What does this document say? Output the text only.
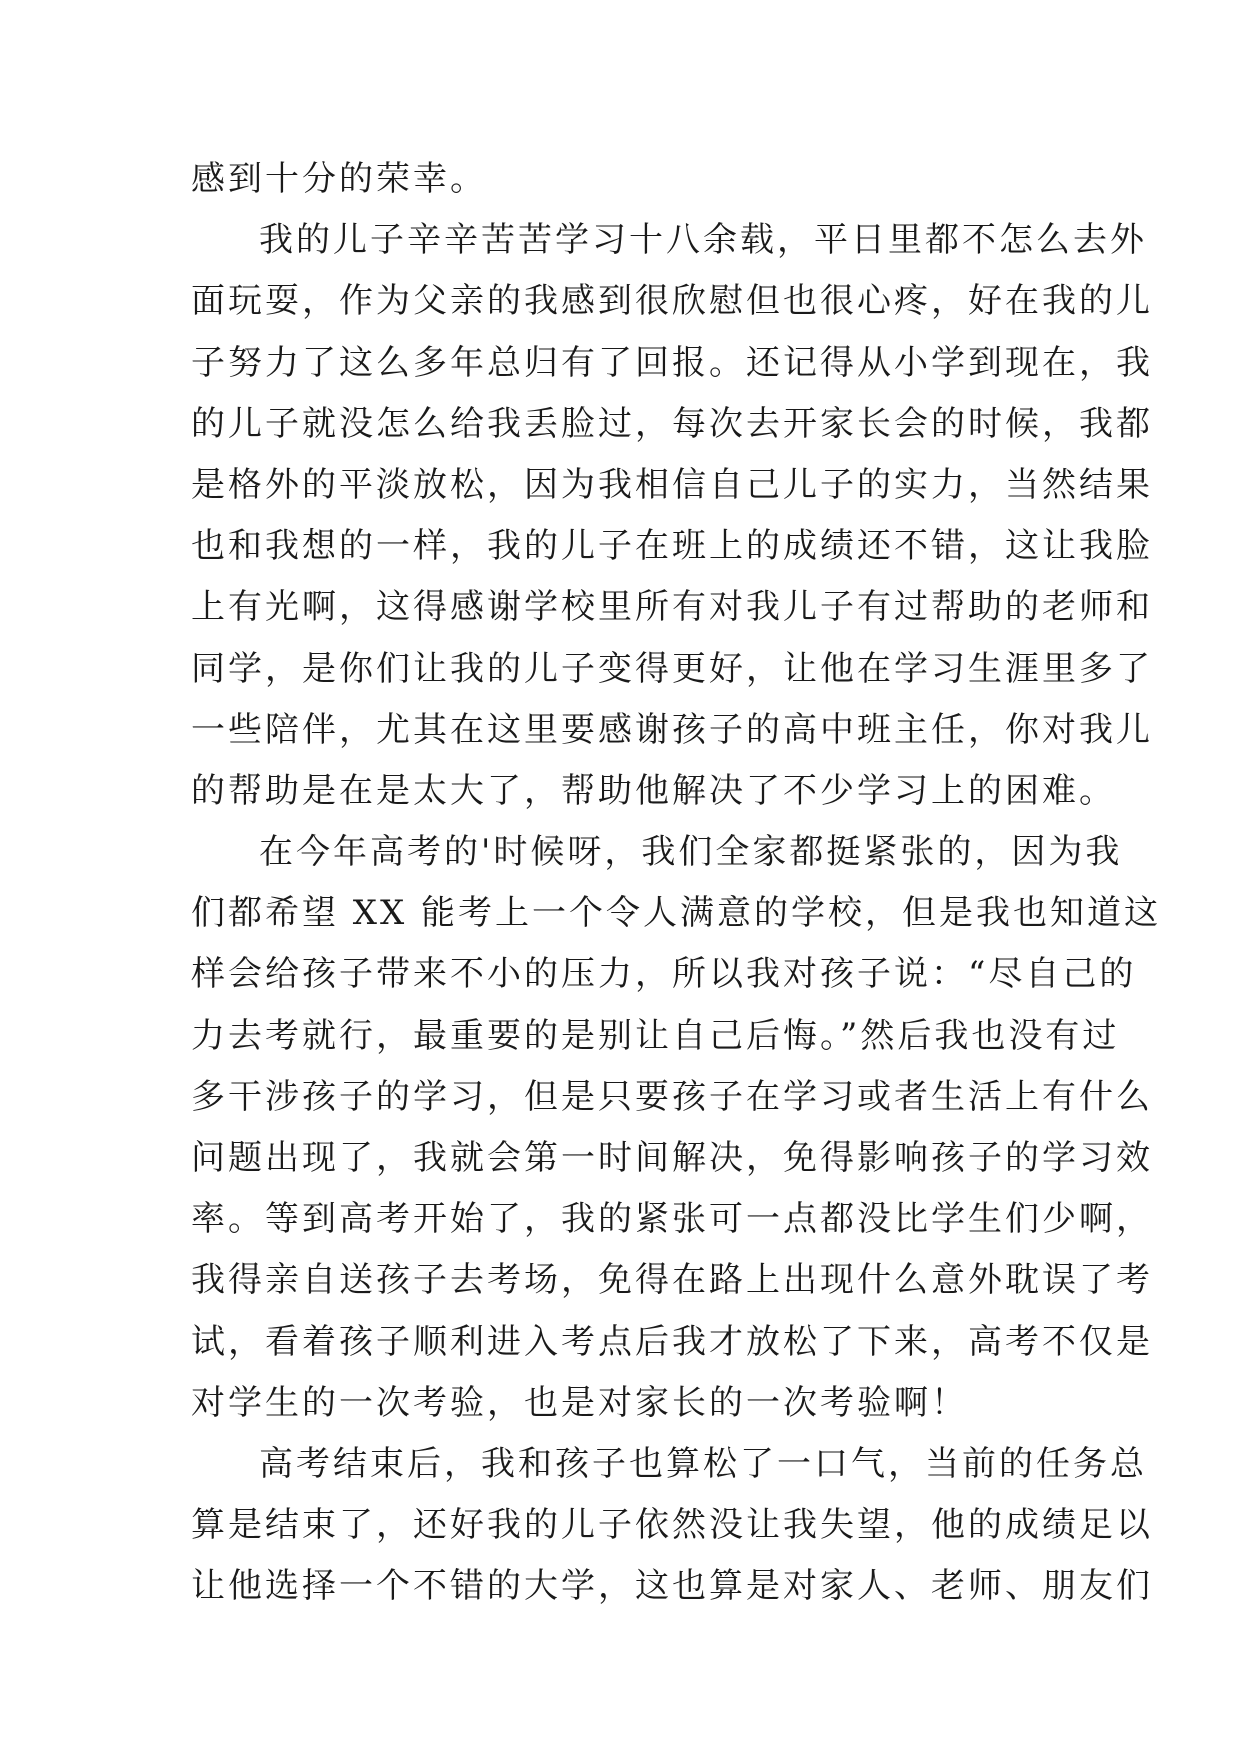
感到十分的荣幸。
我的儿子辛辛苦苦学习十八余载，平日里都不怎么去外
面玩耍，作为父亲的我感到很欣慰但也很心疼，好在我的儿
子努力了这么多年总归有了回报。还记得从小学到现在，我
的儿子就没怎么给我丢脸过，每次去开家长会的时候，我都
是格外的平淡放松，因为我相信自己儿子的实力，当然结果
也和我想的一样，我的儿子在班上的成绩还不错，这让我脸
上有光啊，这得感谢学校里所有对我儿子有过帮助的老师和
同学，是你们让我的儿子变得更好，让他在学习生涯里多了
一些陪伴，尤其在这里要感谢孩子的高中班主任，你对我儿
的帮助是在是太大了，帮助他解决了不少学习上的困难。
在今年高考的'时候呀，我们全家都挺紧张的，因为我
们都希望 XX 能考上一个令人满意的学校，但是我也知道这
样会给孩子带来不小的压力，所以我对孩子说：“尽自己的
力去考就行，最重要的是别让自己后悔。”然后我也没有过
多干涉孩子的学习，但是只要孩子在学习或者生活上有什么
问题出现了，我就会第一时间解决，免得影响孩子的学习效
率。等到高考开始了，我的紧张可一点都没比学生们少啊，
我得亲自送孩子去考场，免得在路上出现什么意外耽误了考
试，看着孩子顺利进入考点后我才放松了下来，高考不仅是
对学生的一次考验，也是对家长的一次考验啊！
高考结束后，我和孩子也算松了一口气，当前的任务总
算是结束了，还好我的儿子依然没让我失望，他的成绩足以
让他选择一个不错的大学，这也算是对家人、老师、朋友们
